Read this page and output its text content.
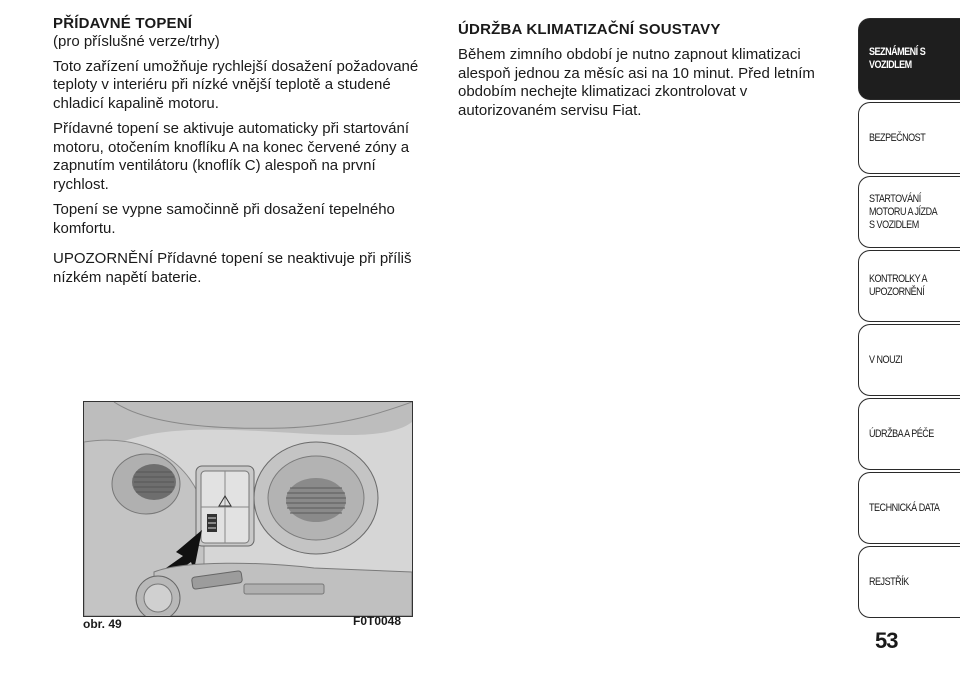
PŘÍDAVNÉ TOPENÍ

(pro příslušné verze/trhy)

Toto zařízení umožňuje rychlejší dosažení požadované teploty v interiéru při nízké vnější teplotě a studené chladicí kapalině motoru.

Přídavné topení se aktivuje automaticky při startování motoru, otočením knoflíku A na konec červené zóny a zapnutím ventilátoru (knoflík C) alespoň na první rychlost.

Topení se vypne samočinně při dosažení tepelného komfortu.

UPOZORNĚNÍ Přídavné topení se neaktivuje při příliš nízkém napětí baterie.

ÚDRŽBA KLIMATIZAČNÍ SOUSTAVY

Během zimního období je nutno zapnout klimatizaci alespoň jednou za měsíc asi na 10 minut. Před letním obdobím nechejte klimatizaci zkontrolovat v autorizovaném servisu Fiat.

obr. 49	F0T0048
SEZNÁMENÍ S VOZIDLEM
BEZPEČNOST
STARTOVÁNÍ MOTORU A JÍZDA S VOZIDLEM
KONTROLKY A UPOZORNĚNÍ
V NOUZI
ÚDRŽBA A PÉČE
TECHNICKÁ DATA
REJSTŘÍK
53
